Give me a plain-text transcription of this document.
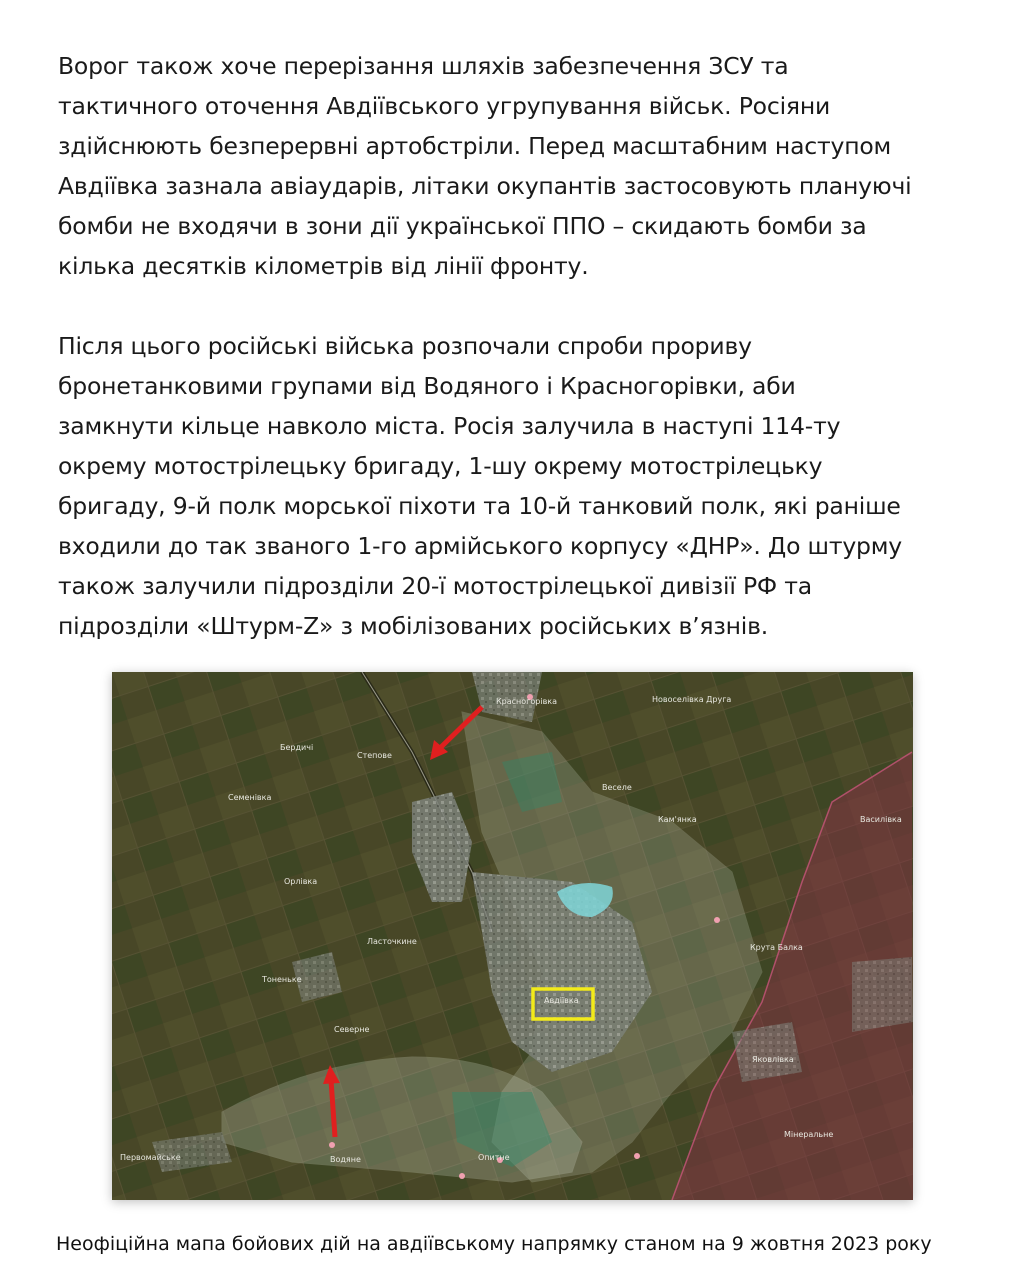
Ворог також хоче перерізання шляхів забезпечення ЗСУ та
тактичного оточення Авдіївського угрупування військ. Росіяни
здійснюють безперервні артобстріли. Перед масштабним наступом
Авдіївка зазнала авіаударів, літаки окупантів застосовують плануючі
бомби не входячи в зони дії української ППО – скидають бомби за
кілька десятків кілометрів від лінії фронту.

Після цього російські війська розпочали спроби прориву
бронетанковими групами від Водяного і Красногорівки, аби
замкнути кільце навколо міста. Росія залучила в наступі 114-ту
окрему мотострілецьку бригаду, 1-шу окрему мотострілецьку
бригаду, 9-й полк морської піхоти та 10-й танковий полк, які раніше
входили до так званого 1-го армійського корпусу «ДНР». До штурму
також залучили підрозділи 20-ї мотострілецької дивізії РФ та
підрозділи «Штурм-Z» з мобілізованих російських в’язнів.

Красногорівка	Новоселівка Друга
Веселе
Авдіївка
Степове
Бердичі
Семенівка
Орлівка
Ласточкине
Тоненьке
Северне
Водяне	Опитне
Первомайське
Кам'янка	Василівка
Крута Балка
Яковлівка
Мінеральне
Неофіційна мапа бойових дій на авдіївському напрямку станом на 9 жовтня 2023 року
